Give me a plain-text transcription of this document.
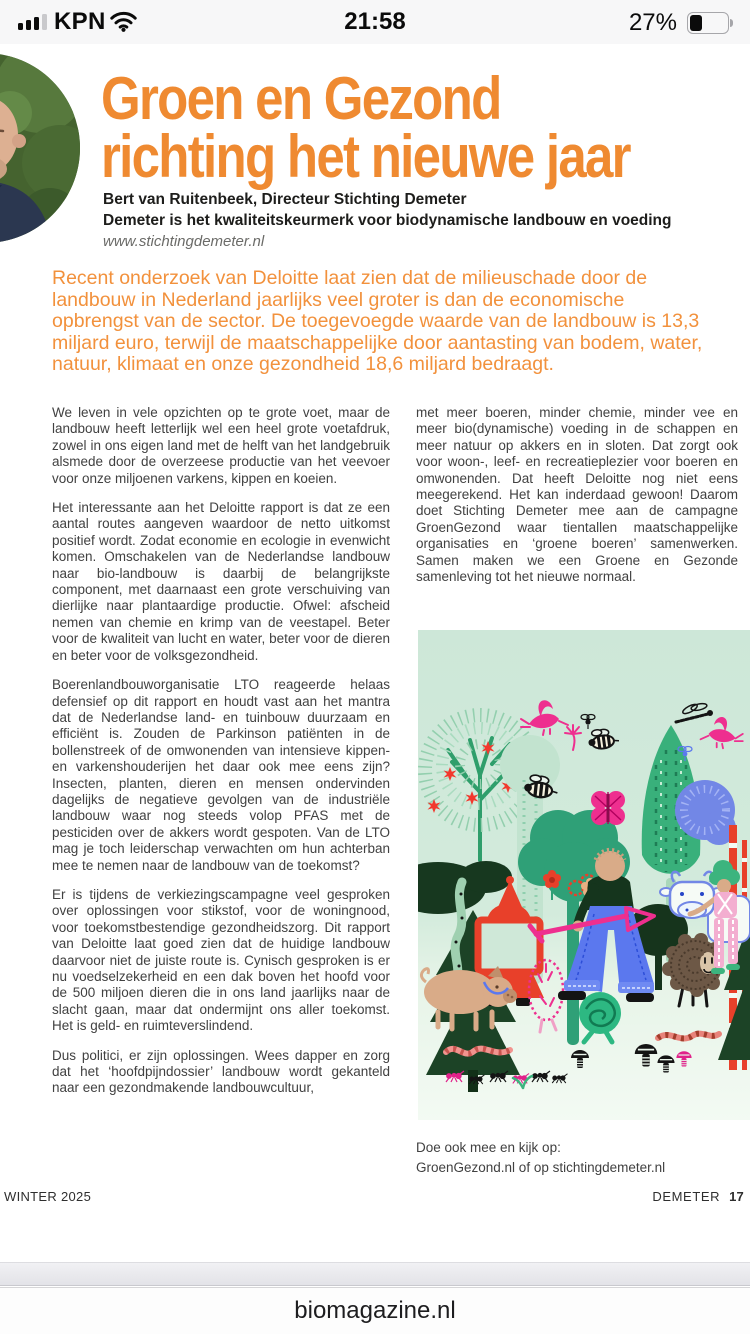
KPN	21:58	27%
Groen en Gezond
richting het nieuwe jaar
Bert van Ruitenbeek, Directeur Stichting Demeter
Demeter is het kwaliteitskeurmerk voor biodynamische landbouw en voeding
www.stichtingdemeter.nl

Recent onderzoek van Deloitte laat zien dat de milieuschade door de landbouw in Nederland jaarlijks veel groter is dan de economische opbrengst van de sector. De toegevoegde waarde van de landbouw is 13,3 miljard euro, terwijl de maatschappelijke door aantasting van bodem, water, natuur, klimaat en onze gezondheid 18,6 miljard bedraagt.

We leven in vele opzichten op te grote voet, maar de landbouw heeft letterlijk wel een heel grote voetafdruk, zowel in ons eigen land met de helft van het landgebruik alsmede door de overzeese productie van het veevoer voor onze miljoenen varkens, kippen en koeien.

Het interessante aan het Deloitte rapport is dat ze een aantal routes aangeven waardoor de netto uitkomst positief wordt. Zodat economie en ecologie in evenwicht komen. Omschakelen van de Nederlandse landbouw naar bio-landbouw is daarbij de belangrijkste component, met daarnaast een grote verschuiving van dierlijke naar plantaardige productie. Ofwel: afscheid nemen van chemie en krimp van de veestapel. Beter voor de kwaliteit van lucht en water, beter voor de dieren en beter voor de volksgezondheid.

Boerenlandbouworganisatie LTO reageerde helaas defensief op dit rapport en houdt vast aan het mantra dat de Nederlandse land- en tuinbouw duurzaam en efficiënt is. Zouden de Parkinson patiënten in de bollenstreek of de omwonenden van intensieve kippen- en varkenshouderijen het daar ook mee eens zijn? Insecten, planten, dieren en mensen ondervinden dagelijks de negatieve gevolgen van de industriële landbouw waar nog steeds volop PFAS met de pesticiden over de akkers wordt gespoten. Van de LTO mag je toch leiderschap verwachten om hun achterban mee te nemen naar de landbouw van de toekomst?

Er is tijdens de verkiezingscampagne veel gesproken over oplossingen voor stikstof, voor de woningnood, voor toekomstbestendige gezondheidszorg. Dit rapport van Deloitte laat goed zien dat de huidige landbouw daarvoor niet de juiste route is. Cynisch gesproken is er nu voedselzekerheid en een dak boven het hoofd voor de 500 miljoen dieren die in ons land jaarlijks naar de slacht gaan, maar dat ondermijnt ons aller toekomst. Het is geld- en ruimteverslindend.

Dus politici, er zijn oplossingen. Wees dapper en zorg dat het ‘hoofdpijndossier’ landbouw wordt gekanteld naar een gezondmakende landbouwcultuur,

met meer boeren, minder chemie, minder vee en meer bio(dynamische) voeding in de schappen en meer natuur op akkers en in sloten. Dat zorgt ook voor woon-, leef- en recreatieplezier voor boeren en omwonenden. Dat heeft Deloitte nog niet eens meegerekend. Het kan inderdaad gewoon! Daarom doet Stichting Demeter mee aan de campagne GroenGezond waar tientallen maatschappelijke organisaties en ‘groene boeren’ samenwerken. Samen maken we een Groene en Gezonde samenleving tot het nieuwe normaal.

Doe ook mee en kijk op:
GroenGezond.nl of op stichtingdemeter.nl
WINTER 2025	DEMETER 17
biomagazine.nl
